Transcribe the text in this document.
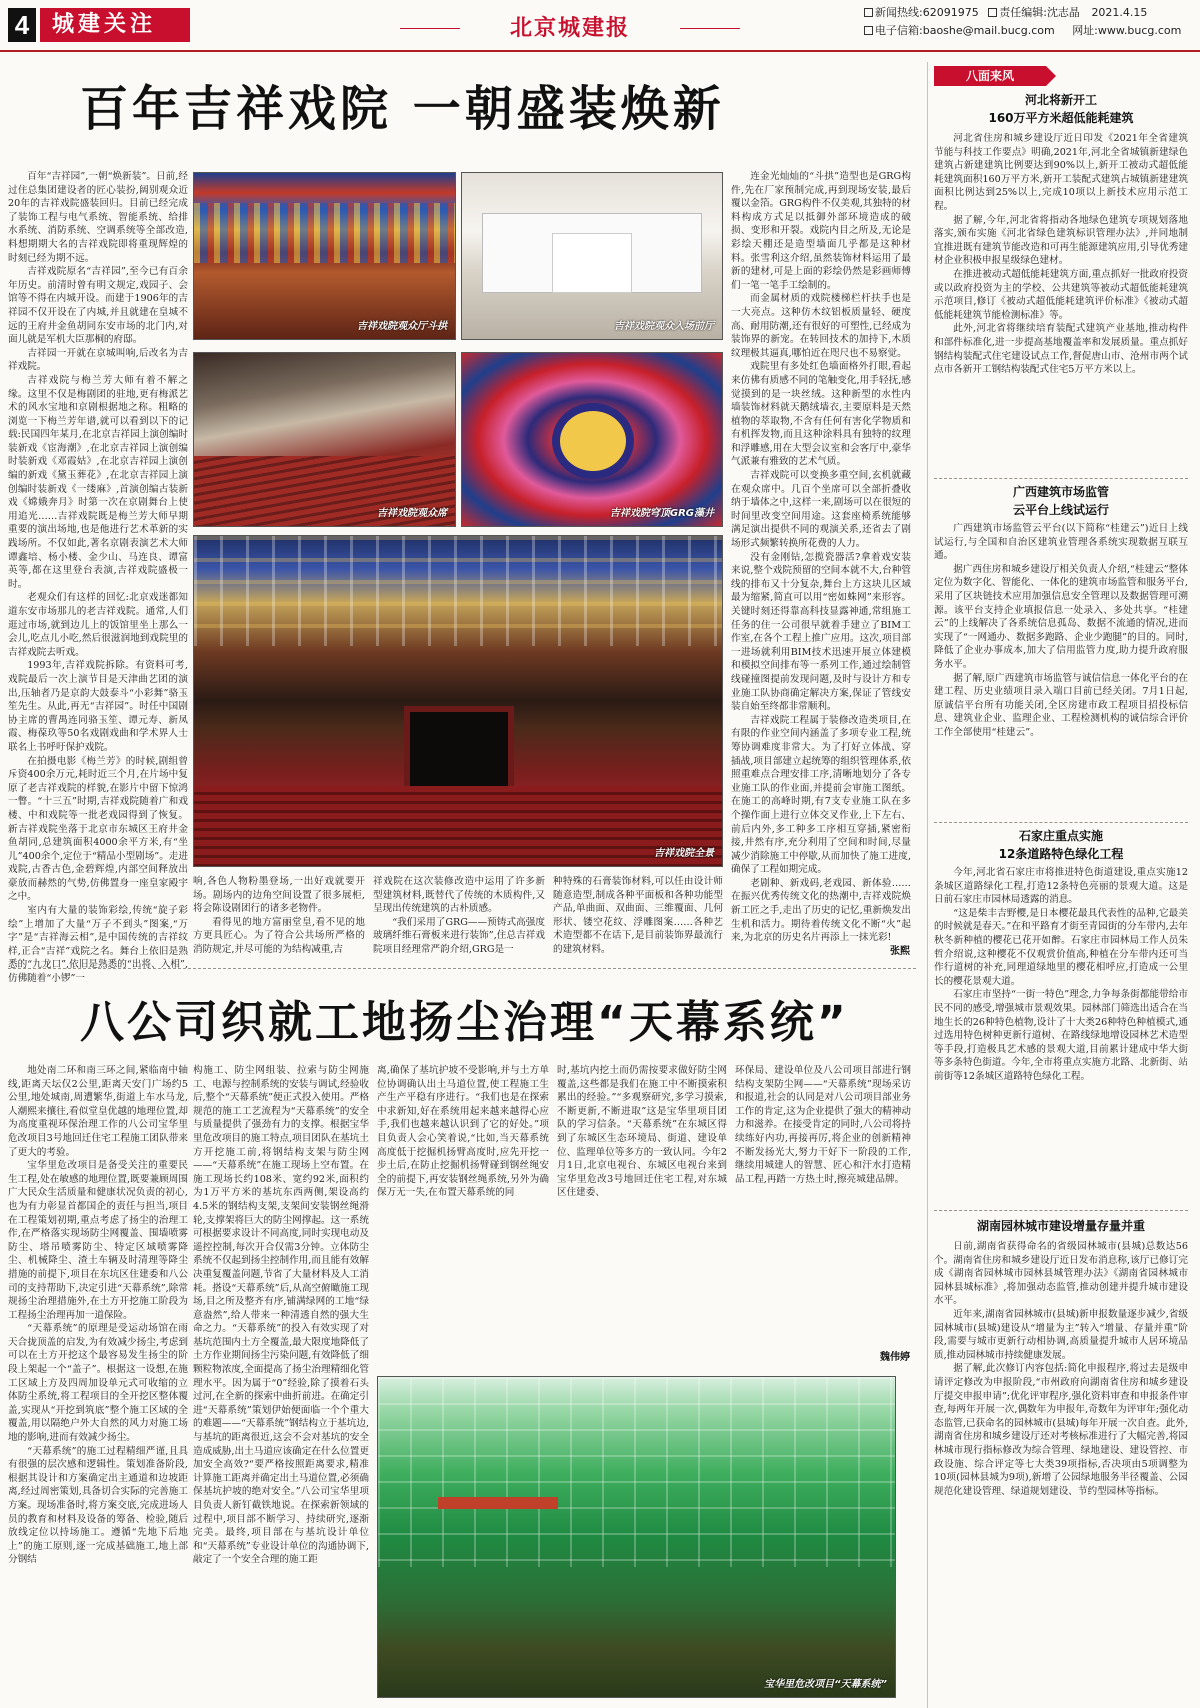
4	城建关注	北京城建报
新闻热线:62091975 责任编辑:沈志晶 2021.4.15
电子信箱:baoshe@mail.bucg.com 网址:www.bucg.com
百年吉祥戏院 一朝盛装焕新

百年“吉祥园”,一朝“焕新装”。日前,经过住总集团建设者的匠心装扮,阔别观众近20年的吉祥戏院盛装回归。目前已经完成了装饰工程与电气系统、智能系统、给排水系统、消防系统、空调系统等全部改造,料想期期大名的吉祥戏院即将重现辉煌的时刻已经为期不远。

吉祥戏院原名“吉祥园”,至今已有百余年历史。前清时曾有明文规定,戏园子、会馆等不得在内城开设。而建于1906年的吉祥园不仅开设在了内城,并且就建在皇城不远的王府井金鱼胡同东安市场的北门内,对面儿就是军机大臣那桐的府邸。

吉祥园一开就在京城叫响,后改名为吉祥戏院。

吉祥戏院与梅兰芳大师有着不解之缘。这里不仅是梅剧团的驻地,更有梅派艺术的风水宝地和京剧根据地之称。粗略的浏览一下梅兰芳年谱,就可以看到以下的记载:民国四年某月,在北京吉祥园上演创编时装新戏《宦海潮》,在北京吉祥园上演创编时装新戏《邓霞姑》,在北京吉祥园上演创编的新戏《黛玉葬花》,在北京吉祥园上演创编时装新戏《一缕麻》,首演创编古装新戏《嫦娥奔月》时第一次在京剧舞台上使用追光……吉祥戏院既是梅兰芳大师早期重要的演出场地,也是他进行艺术革新的实践场所。不仅如此,著名京剧表演艺术大师谭鑫培、杨小楼、金少山、马连良、谭富英等,都在这里登台表演,吉祥戏院盛极一时。

老观众们有这样的回忆:北京戏迷都知道东安市场那儿的老吉祥戏院。通常,人们逛过市场,就到边儿上的饭馆里坐上那么一会儿,吃点儿小吃,然后很滋润地到戏院里的吉祥戏院去听戏。

1993年,吉祥戏院拆除。有资料可考,戏院最后一次上演节目是天津曲艺团的演出,压轴者乃是京韵大鼓泰斗“小彩舞”骆玉笙先生。从此,再无“吉祥园”。时任中国剧协主席的曹禺连同骆玉笙、谭元寿、新凤霞、梅葆玖等50名戏剧戏曲和学术界人士联名上书呼吁保护戏院。

在拍摄电影《梅兰芳》的时候,剧组曾斥资400余万元,耗时近三个月,在片场中复原了老吉祥戏院的样貌,在影片中留下惊鸿一瞥。“十三五”时期,吉祥戏院随着广和戏楼、中和戏院等一批老戏园得到了恢复。新吉祥戏院坐落于北京市东城区王府井金鱼胡同,总建筑面积4000余平方米,有“坐儿”400余个,定位于“精品小型剧场”。走进戏院,古香古色,金碧辉煌,内部空间释放出豪放而赫然的气势,仿佛置身一座皇家殿宇之中。

室内有大量的装饰彩绘,传统“旋子彩绘”上增加了大量“万子不到头”图案,“万字”是“吉祥海云相”,是中国传统的吉祥纹样,正合“吉祥”戏院之名。舞台上依旧是熟悉的“九龙口”,依旧是熟悉的“出将、入相”,仿佛随着“小锣”一

吉祥戏院观众厅斗拱	吉祥戏院观众入场前厅
吉祥戏院观众席	吉祥戏院穹顶GRG藻井
吉祥戏院全景
响,各色人物粉墨登场,一出好戏就要开场。剧场内的边角空间设置了很多展柜,将会陈设剧团行的诸多老物件。

看得见的地方富丽堂皇,看不见的地方更具匠心。为了符合公共场所严格的消防规定,并尽可能的为结构减重,吉

祥戏院在这次装修改造中运用了许多新型建筑材料,既替代了传统的木质构件,又呈现出传统建筑的古朴质感。

“我们采用了GRG——预铸式高强度玻璃纤维石膏板来进行装饰”,住总吉祥戏院项目经理常严韵介绍,GRG是一

种特殊的石膏装饰材料,可以任由设计师随意造型,制成各种平面板和各种功能型产品,单曲面、双曲面、三维覆面、几何形状、镂空花纹、浮雕图案……各种艺术造型都不在话下,是目前装饰界最流行的建筑材料。

连金光灿灿的“斗拱”造型也是GRG构件,先在厂家预制完成,再到现场安装,最后覆以金箔。GRG构件不仅美观,其独特的材料构成方式足以抵御外部环境造成的破损、变形和开裂。戏院内目之所及,无论是彩绘天棚还是造型墙面几乎都是这种材料。张雪利这介绍,虽然装饰材料运用了最新的建材,可是上面的彩绘仍然是彩画师傅们一笔一笔手工绘制的。

而金属材质的戏院楼梯栏杆扶手也是一大亮点。这种仿木纹铝板质量轻、硬度高、耐用防潮,还有很好的可塑性,已经成为装饰界的新宠。在转回技术的加持下,木质纹理极其逼真,哪怕近在咫尺也不易察觉。

戏院里有多处红色墙面格外打眼,看起来仿佛有质感不同的笔触变化,用手轻抚,感觉摸到的是一块丝绒。这种新型的水性内墙装饰材料就天鹅绒墙衣,主要原料是天然植物的萃取物,不含有任何有害化学物质和有机挥发物,而且这种涂料具有独特的纹理和浮雕感,用在大型会议室和会客厅中,豪华气派兼有雅致的艺术气质。

吉祥戏院可以变换多重空间,玄机就藏在观众席中。几百个坐席可以全部折叠收纳于墙体之中,这样一来,剧场可以在很短的时间里改变空间用途。这套座椅系统能够满足演出提供不同的观演关系,还省去了剧场形式频繁转换所花费的人力。

没有金刚钻,怎揽瓷器活?拿着戏安装来说,整个戏院预留的空间本就不大,台种管线的排布又十分复杂,舞台上方这块儿区域最为缩紧,简直可以用“密如蛛网”来形容。关键时刻还得靠高科技显露神通,常组施工任务的住一公司很早就着手建立了BIM工作室,在各个工程上推广应用。这次,项目部一进场就利用BIM技术迅速开展立体建模和模拟空间排布等一系列工作,通过绘制管线碰撞图提前发现问题,及时与设计方和专业施工队协商确定解决方案,保证了管线安装自始至终都非常顺利。

吉祥戏院工程属于装修改造类项目,在有限的作业空间内涵盖了多项专业工程,统筹协调难度非常大。为了打好立体战、穿插战,项目部建立起统筹的组织管理体系,依照重难点合理安排工序,清晰地划分了各专业施工队的作业面,并提前会审施工图纸。在施工的高峰时期,有7支专业施工队在多个操作面上进行立体交叉作业,上下左右、前后内外,多工种多工序相互穿插,紧密衔接,井然有序,充分利用了空间和时间,尽量减少消除施工中停歇,从而加快了施工进度,确保了工程如期完成。

老剧种、新戏码,老戏园、新体验……在振兴优秀传统文化的热潮中,吉祥戏院焕新工匠之手,走出了历史的记忆,重新焕发出生机和活力。期待着传统文化不断“火”起来,为北京的历史名片再添上一抹光彩!

张熙
八公司织就工地扬尘治理“天幕系统”

地处南二环和南三环之间,紧临南中轴线,距离天坛仅2公里,距离天安门广场约5公里,地处城南,周遭繁华,街道上车水马龙,人潮熙来攘往,看似堂皇优越的地理位置,却为高度重视环保治理工作的八公司宝华里危改项目3号地回迁住宅工程施工团队带来了更大的考验。

宝华里危改项目是备受关注的重要民生工程,处在敏感的地理位置,既要兼顾周围广大民众生活质量和健康状况负责的初心,也为有力彰显首都国企的责任与担当,项目在工程策划初期,重点考虑了扬尘的治理工作,在严格落实现场防尘网覆盖、围墙喷雾防尘、塔吊喷雾防尘、特定区域喷雾降尘、机械降尘、渣土车辆及时清理等降尘措施的前提下,项目在东坑区住建委和八公司的支持帮助下,决定引进“天幕系统”,除常规扬尘治理措施外,在土方开挖施工阶段为工程扬尘治理再加一道保险。

“天幕系统”的原理是受运动场馆在雨天合拢顶盖的启发,为有效减少扬尘,考虑到可以在土方开挖这个最容易发生扬尘的阶段上架起一个“盖子”。根据这一设想,在施工区域上方及四周加设单元式可收缩的立体防尘系统,将工程项目的全开挖区整体覆盖,实现从“开挖到筑底”整个施工区域的全覆盖,用以隔绝户外大自然的风力对施工场地的影响,进而有效减少扬尘。

“天幕系统”的施工过程精细严谨,且具有很强的层次感和逻辑性。策划准备阶段,根据其设计和方案确定出主通道和边坡距离,经过周密策划,具备切合实际的完善施工方案。现场准备时,将方案交底,完成进场人员的教育和材料及设备的筹备、检验,随后放线定位以持场施工。遵循“先地下后地上”的施工原则,逐一完成基础施工,地上部分钢结

构施工、防尘网组装、拉索与防尘网施工、电源与控制系统的安装与调试,经验收后,整个“天幕系统”便正式投入使用。严格规范的施工工艺流程为“天幕系统”的安全与质量提供了强劲有力的支撑。根据宝华里危改项目的施工特点,项目团队在基坑土方开挖施工前,将钢结构支架与防尘网——“天幕系统”在施工现场上空布置。在施工现场长约108米、宽约92米,面积约为1万平方米的基坑东西两侧,架设高约4.5米的钢结构支架,支架间安装钢丝绳滑轮,支撑架将巨大的防尘网撑起。这一系统可根据要求设计不同高度,同时实现电动及遥控控制,每次开合仅需3分钟。立体防尘系统不仅起到扬尘控制作用,而且能有效解决重复覆盖问题,节省了大量材料及人工消耗。搭设“天幕系统”后,从高空俯瞰施工现场,目之所及整齐有序,铺满绿网的工地“绿意盎然”,给人带来一种清透自然的强大生命之力。“天幕系统”的投入有效实现了对基坑范围内土方全覆盖,最大限度地降低了土方作业期间扬尘污染问题,有效降低了细颗粒物浓度,全面提高了扬尘治理精细化管理水平。因为属于“0”经验,除了摸着石头过河,在全新的探索中曲折前进。在确定引进“天幕系统”策划伊始便面临一个个重大的难题——“天幕系统”钢结构立于基坑边,与基坑的距离很近,这会不会对基坑的安全造成威胁,出土马道应该确定在什么位置更加安全高效?“要严格按照距离要求,精准计算施工距离并确定出土马道位置,必须确保基坑护坡的绝对安全。”八公司宝华里项目负责人新钉截铁地说。在探索新领域的过程中,项目部不断学习、持续研究,逐渐完美。最终,项目部在与基坑设计单位和“天幕系统”专业设计单位的沟通协调下,敲定了一个安全合理的施工距
离,确保了基坑护坡不受影响,并与土方单位协调确认出土马道位置,使工程施工生产生产平稳有序进行。“我们也是在探索中求新知,好在系统用起来越来越得心应手,我们也越来越认识到了它的好处。”项目负责人会心笑着说,“比如,当天幕系统高度低于挖掘机扬臂高度时,应先开挖一步土后,在防止挖掘机扬臂碰到钢丝绳安全的前提下,再安装钢丝绳系统,另外为确保万无一失,在布置天幕系统的同
时,基坑内挖土而仍需按要求做好防尘网覆盖,这些都是我们在施工中不断摸索积累出的经验。”“多观察研究,多学习摸索,不断更新,不断进取”这是宝华里项目团队的学习信条。“天幕系统”在东城区得到了东城区生态环境局、街道、建设单位、监理单位等多方的一致认同。今年2月1日,北京电视台、东城区电视台来到宝华里危改3号地回迁住宅工程,对东城区住建委、
环保局、建设单位及八公司项目部进行钢结构支架防尘网——“天幕系统”现场采访和报道,社会的认同是对八公司项目部业务工作的肯定,这为企业提供了强大的精神动力和滋养。在接受肯定的同时,八公司将持续练好内功,再接再厉,将企业的创新精神不断发扬光大,努力干好下一阶段的工作,继续用城建人的智慧、匠心和汗水打造精品工程,再踏一方热土时,擦亮城建品牌。
魏伟婷
宝华里危改项目“天幕系统”
八面来风
河北将新开工
160万平方米超低能耗建筑

河北省住房和城乡建设厅近日印发《2021年全省建筑节能与科技工作要点》明确,2021年,河北全省城镇新建绿色建筑占新建建筑比例要达到90%以上,新开工被动式超低能耗建筑面积160万平方米,新开工装配式建筑占城镇新建建筑面积比例达到25%以上,完成10项以上新技术应用示范工程。

据了解,今年,河北省将指动各地绿色建筑专项规划落地落实,颁布实施《河北省绿色建筑标识管理办法》,并同地制宜推进既有建筑节能改造和可再生能源建筑应用,引导优秀建材企业积极申报星级绿色建材。

在推进被动式超低能耗建筑方面,重点抓好一批政府投资或以政府投资为主的学校、公共建筑等被动式超低能耗建筑示范项目,修订《被动式超低能耗建筑评价标准》《被动式超低能耗建筑节能检测标准》等。

此外,河北省将继续培育装配式建筑产业基地,推动构件和部件标准化,进一步提高基地覆盖率和发展质量。重点抓好钢结构装配式住宅建设试点工作,督促唐山市、沧州市两个试点市各新开工钢结构装配式住宅5万平方米以上。

广西建筑市场监管
云平台上线试运行

广西建筑市场监管云平台(以下简称“桂建云”)近日上线试运行,与全国和自治区建筑业管理各系统实现数据互联互通。

据广西住房和城乡建设厅相关负责人介绍,“桂建云”整体定位为数字化、智能化、一体化的建筑市场监管和服务平台,采用了区块链技术应用加强信息安全管理以及数据管理可溯源。该平台支持企业填报信息一处录入、多处共享。“桂建云”的上线解决了各系统信息孤岛、数据不流通的情况,进而实现了“一网通办、数据多跑路、企业少跑腿”的目的。同时,降低了企业办事成本,加大了信用监管力度,助力提升政府服务水平。

据了解,原广西建筑市场监管与诚信信息一体化平台的在建工程、历史业绩项目录入端口目前已经关闭。7月1日起,原诚信平台所有功能关闭,全区房建市政工程项目招投标信息、建筑业企业、监理企业、工程检测机构的诚信综合评价工作全部使用“桂建云”。

石家庄重点实施
12条道路特色绿化工程

今年,河北省石家庄市将推进特色街道建设,重点实施12条城区道路绿化工程,打造12条特色亮丽的景观大道。这是日前石家庄市园林局透露的消息。

“这是柴丰吉野樱,是日本樱花最具代表性的品种,它最美的时候就是春天。”在和平路育才街至青园街的分车带内,去年秋冬新种植的樱花已花开如醉。石家庄市园林局工作人员朱哲介绍说,这种樱花不仅观赏价值高,种植在分车带内还可当作行道树的补充,同理道绿地里的樱花相呼应,打造成一公里长的樱花景观大道。

石家庄市坚持“一街一特色”理念,力争每条街都能带给市民不同的感受,增强城市景观效果。园林部门筛选出适合在当地生长的26种特色植物,设计了十大类26种特色种植模式,通过选用特色树种更新行道树、在路线绿地增设园林艺术造型等手段,打造极具艺术感的景观大道,目前累计建成中华大街等多条特色街道。今年,全市将重点实施方北路、北新街、站前街等12条城区道路特色绿化工程。

湖南园林城市建设增量存量并重

日前,湖南省获得命名的省级园林城市(县城)总数达56个。湖南省住房和城乡建设厅近日发布消息称,该厅已修订完成《湖南省园林城市园林县城管理办法》《湖南省园林城市园林县城标准》,将加强动态监管,推动创建并提升城市建设水平。

近年来,湖南省园林城市(县城)新申报数量逐步减少,省级园林城市(县城)建设从“增量为主”转入“增量、存量并重”阶段,需要与城市更新行动相协调,高质量提升城市人居环境品质,推动园林城市持续健康发展。

据了解,此次修订内容包括:简化申报程序,将过去是级申请评定修改为申报阶段,“市州政府向湖南省住房和城乡建设厅提交申报申请”;优化评审程序,强化资料审查和申报条件审查,每两年开展一次,偶数年为申报年,奇数年为评审年;强化动态监管,已获命名的园林城市(县城)每年开展一次自查。此外,湖南省住房和城乡建设厅还对考核标准进行了大幅完善,将园林城市现行指标修改为综合管理、绿地建设、建设管控、市政设施、综合评定等七大类39项指标,否决项由5项调整为10项(园林县城为9项),新增了公园绿地服务半径覆盖、公园规范化建设管理、绿道规划建设、节约型园林等指标。
